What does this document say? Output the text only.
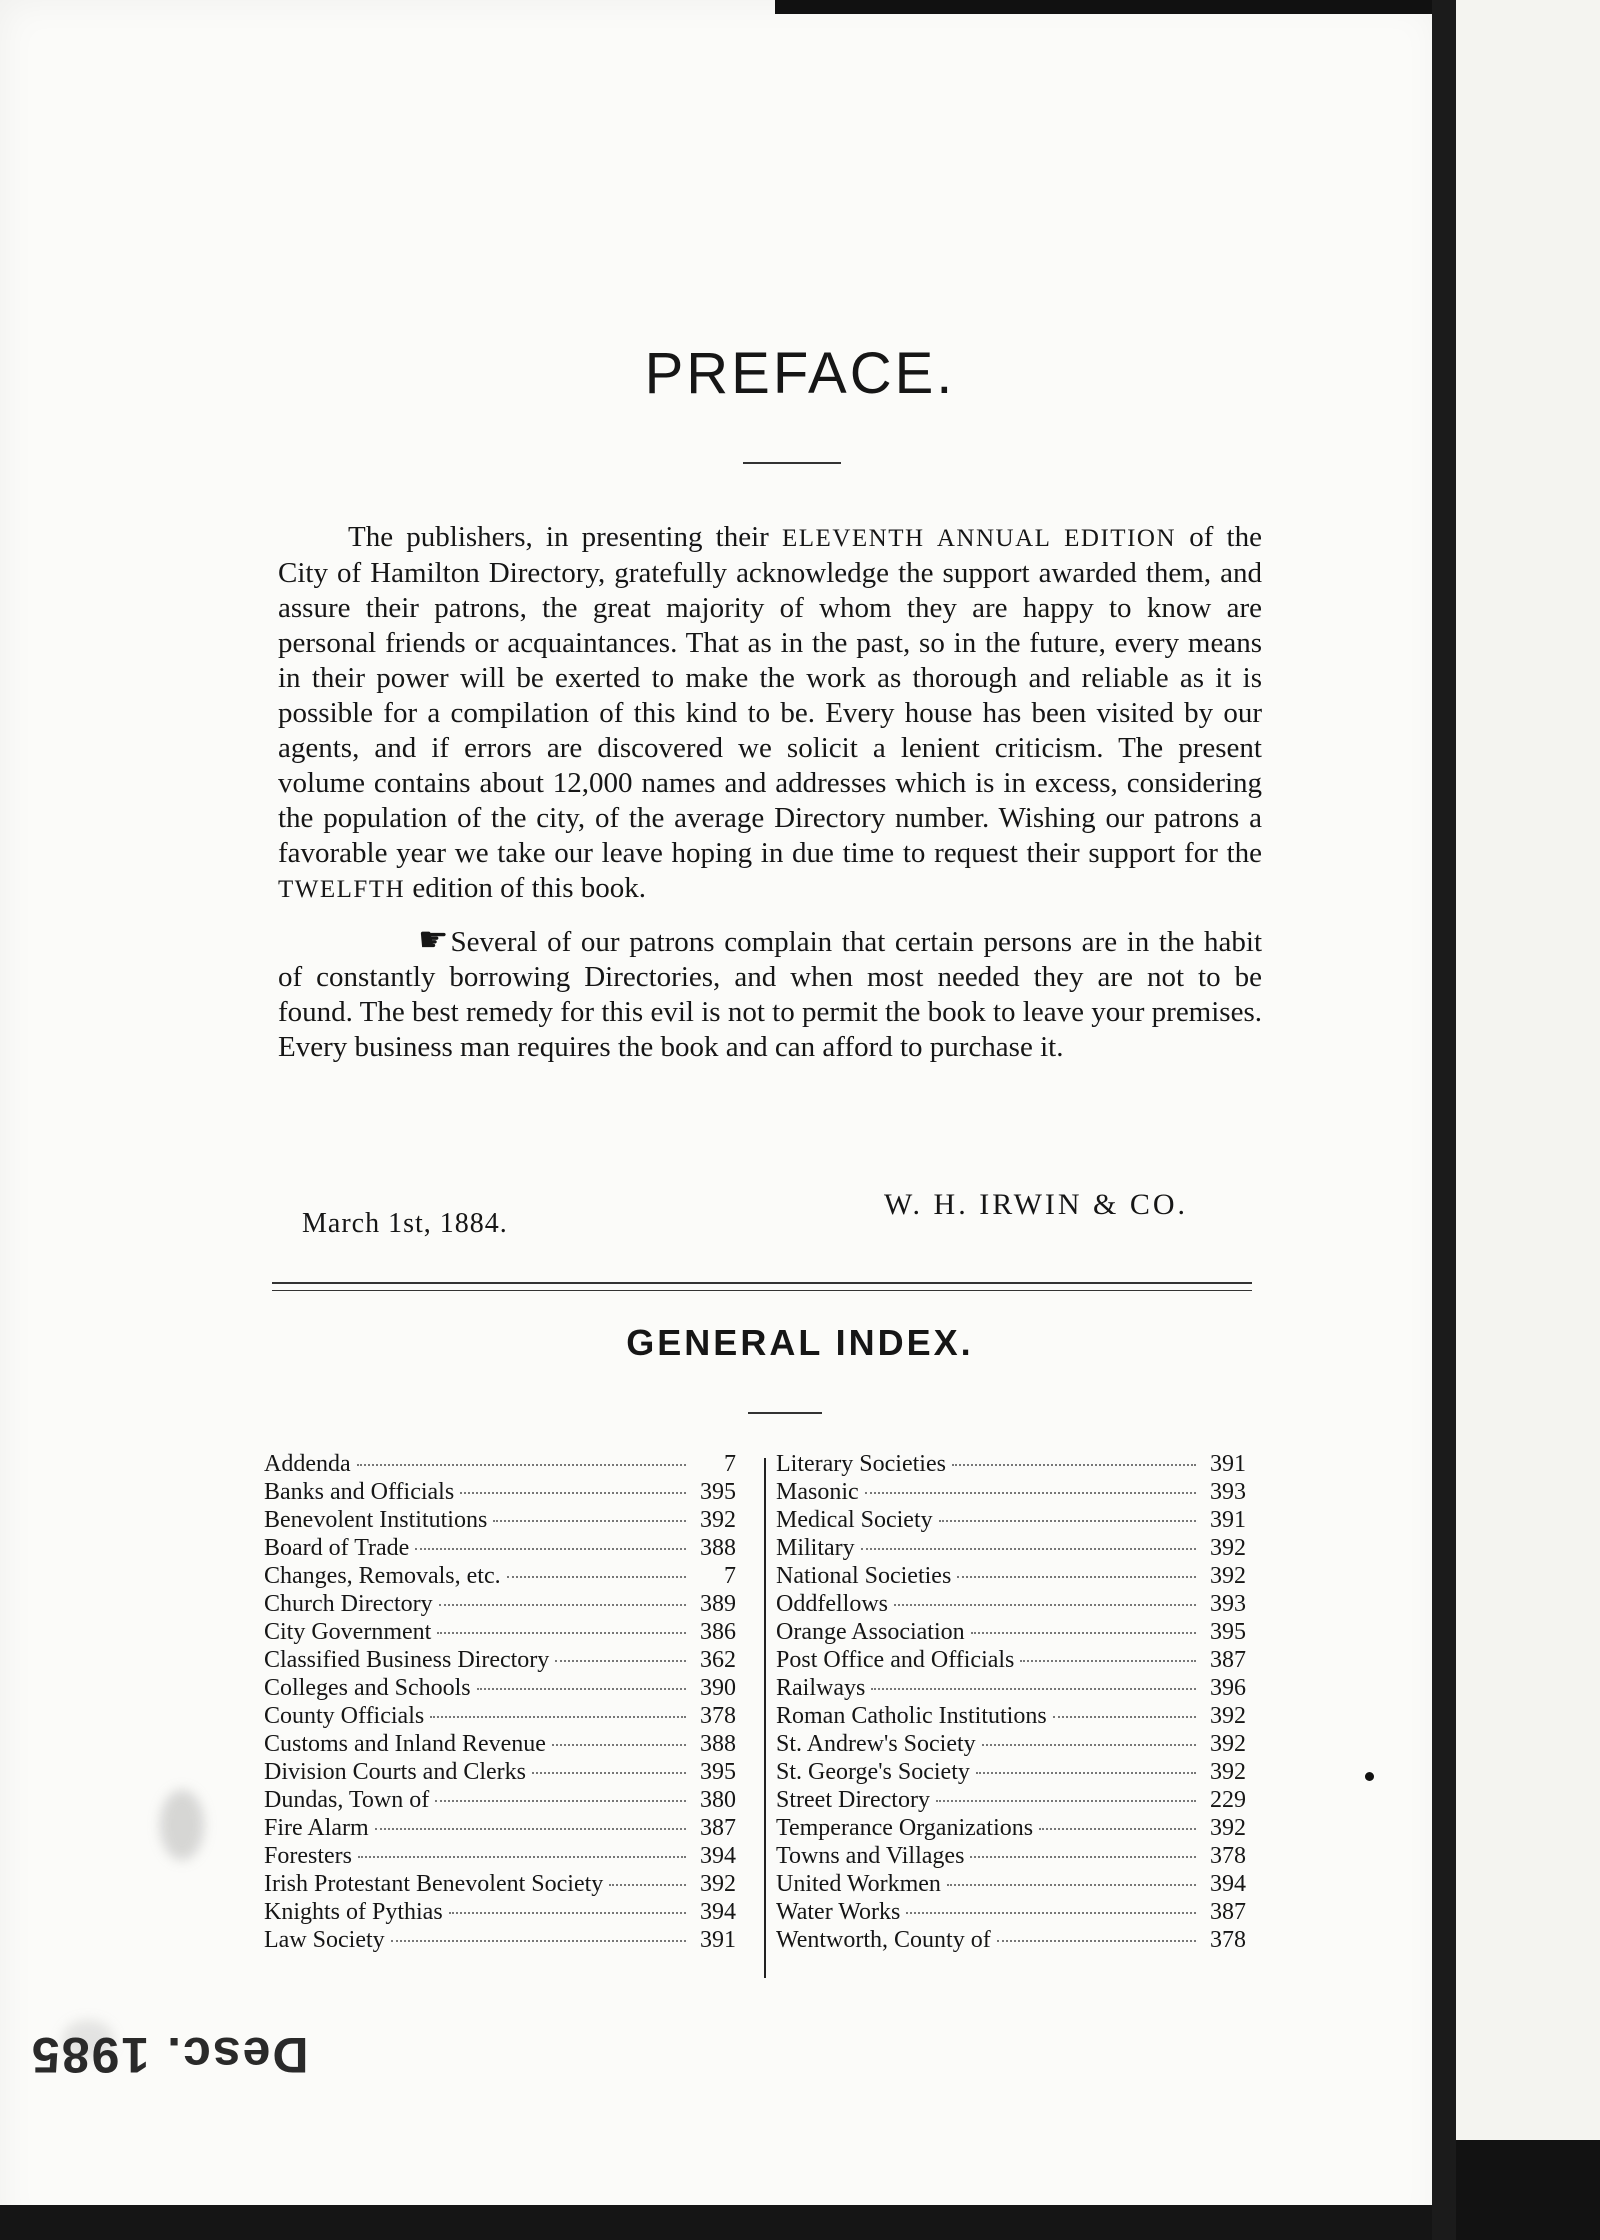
PREFACE.

The publishers, in presenting their ELEVENTH ANNUAL EDITION of the City of Hamilton Directory, gratefully acknowledge the support awarded them, and assure their patrons, the great majority of whom they are happy to know are personal friends or acquaintances. That as in the past, so in the future, every means in their power will be exerted to make the work as thorough and reliable as it is possible for a compilation of this kind to be. Every house has been visited by our agents, and if errors are discovered we solicit a lenient criticism. The present volume contains about 12,000 names and addresses which is in excess, considering the population of the city, of the average Directory number. Wishing our patrons a favorable year we take our leave hoping in due time to request their support for the TWELFTH edition of this book.

☛Several of our patrons complain that certain persons are in the habit of constantly borrowing Directories, and when most needed they are not to be found. The best remedy for this evil is not to permit the book to leave your premises. Every business man requires the book and can afford to purchase it.

W. H. IRWIN & CO.

March 1st, 1884.

GENERAL INDEX.
Addenda	7
Banks and Officials	395
Benevolent Institutions	392
Board of Trade	388
Changes, Removals, etc.	7
Church Directory	389
City Government	386
Classified Business Directory	362
Colleges and Schools	390
County Officials	378
Customs and Inland Revenue	388
Division Courts and Clerks	395
Dundas, Town of	380
Fire Alarm	387
Foresters	394
Irish Protestant Benevolent Society	392
Knights of Pythias	394
Law Society	391
Literary Societies	391
Masonic	393
Medical Society	391
Military	392
National Societies	392
Oddfellows	393
Orange Association	395
Post Office and Officials	387
Railways	396
Roman Catholic Institutions	392
St. Andrew's Society	392
St. George's Society	392
Street Directory	229
Temperance Organizations	392
Towns and Villages	378
United Workmen	394
Water Works	387
Wentworth, County of	378

Desc. 1985
